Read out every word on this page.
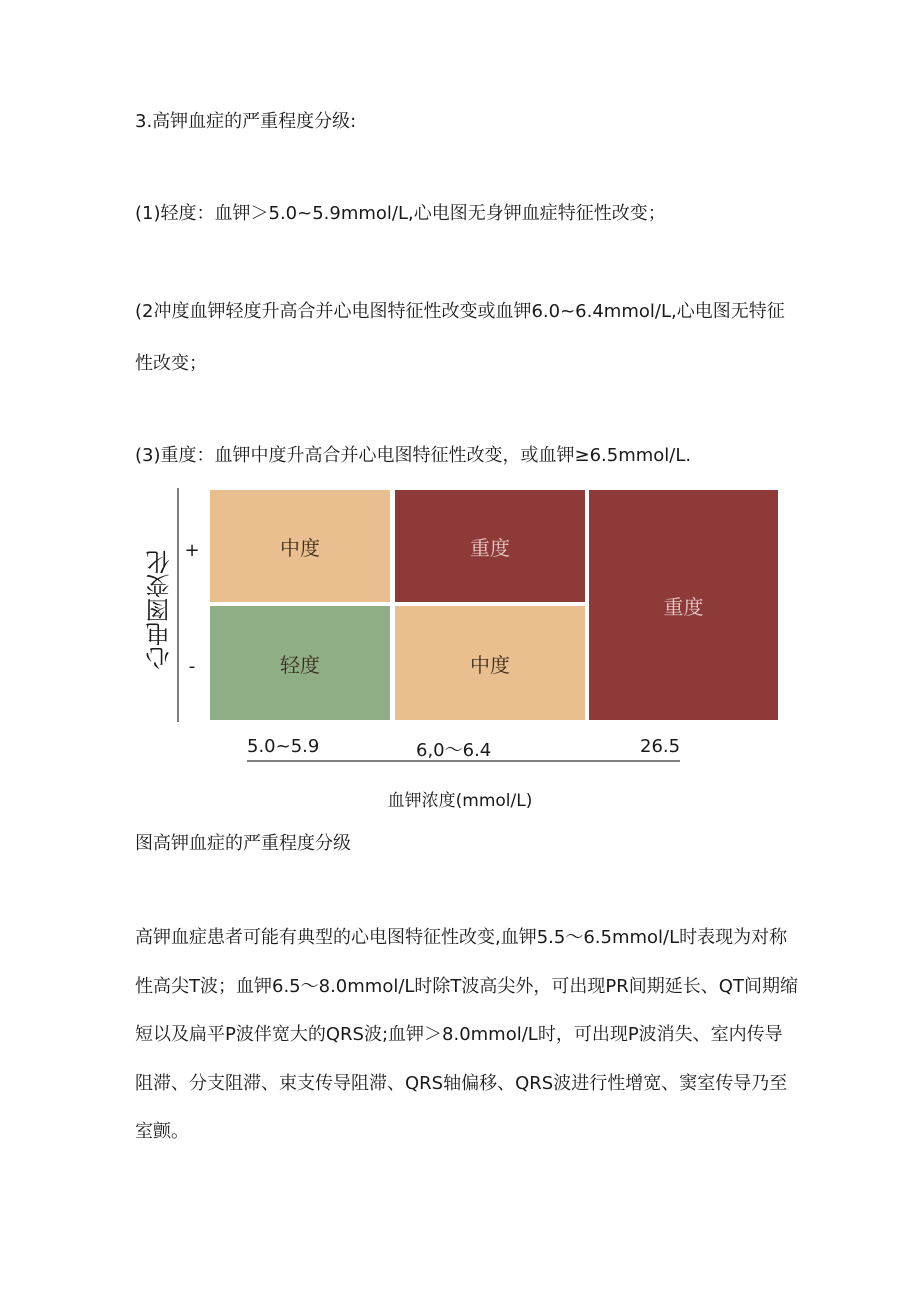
3.高钾血症的严重程度分级:
(1)轻度：血钾＞5.0~5.9mmol/L,心电图无身钾血症特征性改变；
(2冲度血钾轻度升高合并心电图特征性改变或血钾6.0~6.4mmol/L,心电图无特征性改变；
(3)重度：血钾中度升高合并心电图特征性改变，或血钾≥6.5mmol/L.
心电图变化 +
-
中度	重度
轻度	中度
重度
5.0~5.9	6,0〜6.4	26.5
血钾浓度(mmol/L)
图高钾血症的严重程度分级
高钾血症患者可能有典型的心电图特征性改变,血钾5.5〜6.5mmol/L时表现为对称性高尖T波；血钾6.5〜8.0mmol/L时除T波高尖外，可出现PR间期延长、QT间期缩短以及扁平P波伴宽大的QRS波;血钾＞8.0mmol/L时，可出现P波消失、室内传导阻滞、分支阻滞、束支传导阻滞、QRS轴偏移、QRS波进行性增宽、窦室传导乃至室颤。
